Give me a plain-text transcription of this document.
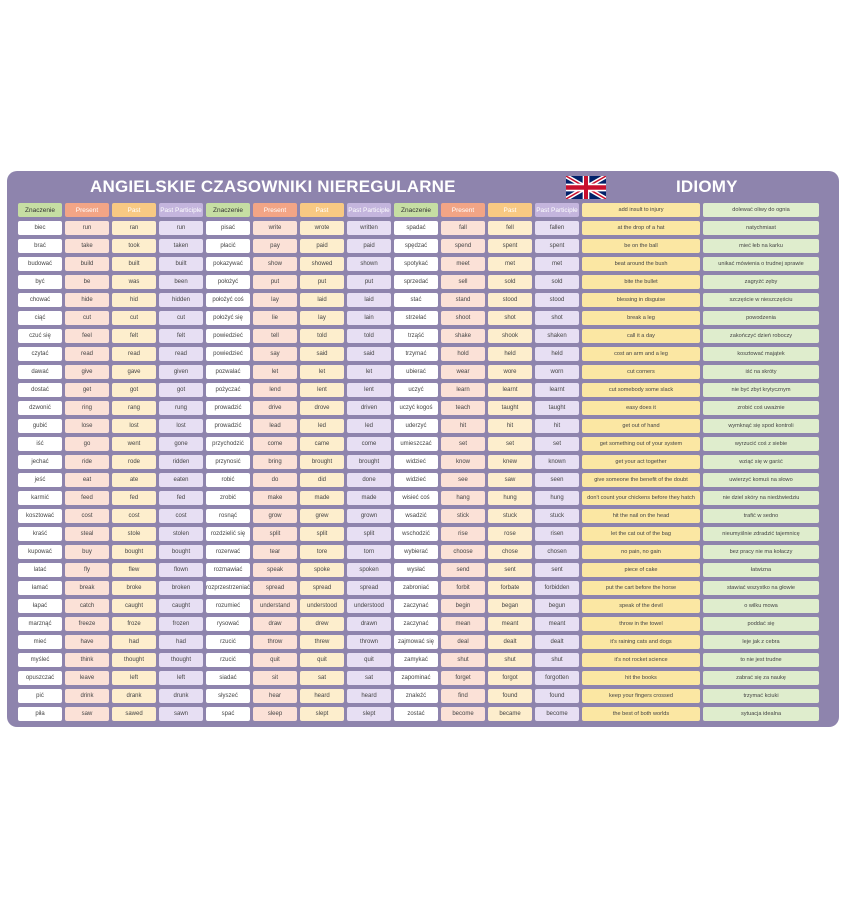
ANGIELSKIE CZASOWNIKI NIEREGULARNE	IDIOMY
Znaczenie	Present	Past	Past Participle	Znaczenie	Present	Past	Past Participle	Znaczenie	Present	Past	Past Participle	add insult to injury	dolewać oliwy do ognia
biec	run	ran	run	pisać	write	wrote	written	spadać	fall	fell	fallen	at the drop of a hat	natychmiast
brać	take	took	taken	płacić	pay	paid	paid	spędzać	spend	spent	spent	be on the ball	mieć łeb na karku
budować	build	built	built	pokazywać	show	showed	shown	spotykać	meet	met	met	beat around the bush	unikać mówienia o trudnej sprawie
być	be	was	been	położyć	put	put	put	sprzedać	sell	sold	sold	bite the bullet	zagryźć zęby
chować	hide	hid	hidden	położyć coś	lay	laid	laid	stać	stand	stood	stood	blessing in disguise	szczęście w nieszczęściu
ciąć	cut	cut	cut	położyć się	lie	lay	lain	strzelać	shoot	shot	shot	break a leg	powodzenia
czuć się	feel	felt	felt	powiedzieć	tell	told	told	trząść	shake	shook	shaken	call it a day	zakończyć dzień roboczy
czytać	read	read	read	powiedzieć	say	said	said	trzymać	hold	held	held	cost an arm and a leg	kosztować majątek
dawać	give	gave	given	pozwalać	let	let	let	ubierać	wear	wore	worn	cut corners	iść na skróty
dostać	get	got	got	pożyczać	lend	lent	lent	uczyć	learn	learnt	learnt	cut somebody some slack	nie być zbyt krytycznym
dzwonić	ring	rang	rung	prowadzić	drive	drove	driven	uczyć kogoś	teach	taught	taught	easy does it	zrobić coś uważnie
gubić	lose	lost	lost	prowadzić	lead	led	led	uderzyć	hit	hit	hit	get out of hand	wymknąć się spod kontroli
iść	go	went	gone	przychodzić	come	came	come	umieszczać	set	set	set	get something out of your system	wyrzucić coś z siebie
jechać	ride	rode	ridden	przynosić	bring	brought	brought	widzieć	know	knew	known	get your act together	wziąć się w garść
jeść	eat	ate	eaten	robić	do	did	done	widzieć	see	saw	seen	give someone the benefit of the doubt	uwierzyć komuś na słowo
karmić	feed	fed	fed	zrobić	make	made	made	wisieć coś	hang	hung	hung	don't count your chickens before they hatch	nie dziel skóry na niedźwiedziu
kosztować	cost	cost	cost	rosnąć	grow	grew	grown	wsadzić	stick	stuck	stuck	hit the nail on the head	trafić w sedno
kraść	steal	stole	stolen	rozdzielić się	split	split	split	wschodzić	rise	rose	risen	let the cat out of the bag	nieumyślnie zdradzić tajemnicę
kupować	buy	bought	bought	rozerwać	tear	tore	torn	wybierać	choose	chose	chosen	no pain, no gain	bez pracy nie ma kołaczy
latać	fly	flew	flown	rozmawiać	speak	spoke	spoken	wysłać	send	sent	sent	piece of cake	łatwizna
łamać	break	broke	broken	rozprzestrzeniać	spread	spread	spread	zabroniać	forbit	forbate	forbidden	put the cart before the horse	stawiać wszystko na głowie
łapać	catch	caught	caught	rozumieć	understand	understood	understood	zaczynać	begin	began	begun	speak of the devil	o wilku mowa
marznąć	freeze	froze	frozen	rysować	draw	drew	drawn	zaczynać	mean	meant	meant	throw in the towel	poddać się
mieć	have	had	had	rzucić	throw	threw	thrown	zajmować się	deal	dealt	dealt	it's raining cats and dogs	leje jak z cebra
myśleć	think	thought	thought	rzucić	quit	quit	quit	zamykać	shut	shut	shut	it's not rocket science	to nie jest trudne
opuszczać	leave	left	left	siadać	sit	sat	sat	zapominać	forget	forgot	forgotten	hit the books	zabrać się za naukę
pić	drink	drank	drunk	słyszeć	hear	heard	heard	znaleźć	find	found	found	keep your fingers crossed	trzymać kciuki
piła	saw	sawed	sawn	spać	sleep	slept	slept	zostać	become	became	become	the best of both worlds	sytuacja idealna
